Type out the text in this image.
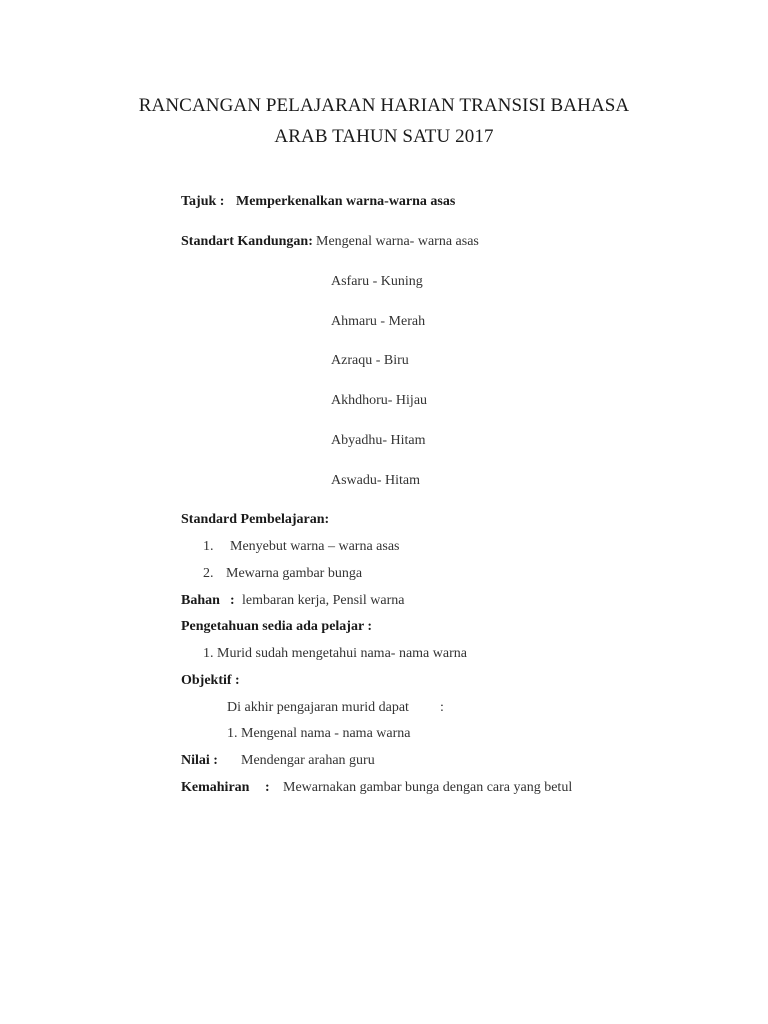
RANCANGAN PELAJARAN HARIAN TRANSISI BAHASA
ARAB TAHUN SATU 2017
Tajuk : Memperkenalkan warna-warna asas
Standart Kandungan: Mengenal warna- warna asas
Asfaru - Kuning
Ahmaru - Merah
Azraqu - Biru
Akhdhoru- Hijau
Abyadhu- Hitam
Aswadu- Hitam
Standard Pembelajaran:
1. Menyebut warna – warna asas
2. Mewarna gambar bunga
Bahan : lembaran kerja, Pensil warna
Pengetahuan sedia ada pelajar :
1. Murid sudah mengetahui nama- nama warna
Objektif :
Di akhir pengajaran murid dapat :
1. Mengenal nama - nama warna
Nilai : Mendengar arahan guru
Kemahiran : Mewarnakan gambar bunga dengan cara yang betul
